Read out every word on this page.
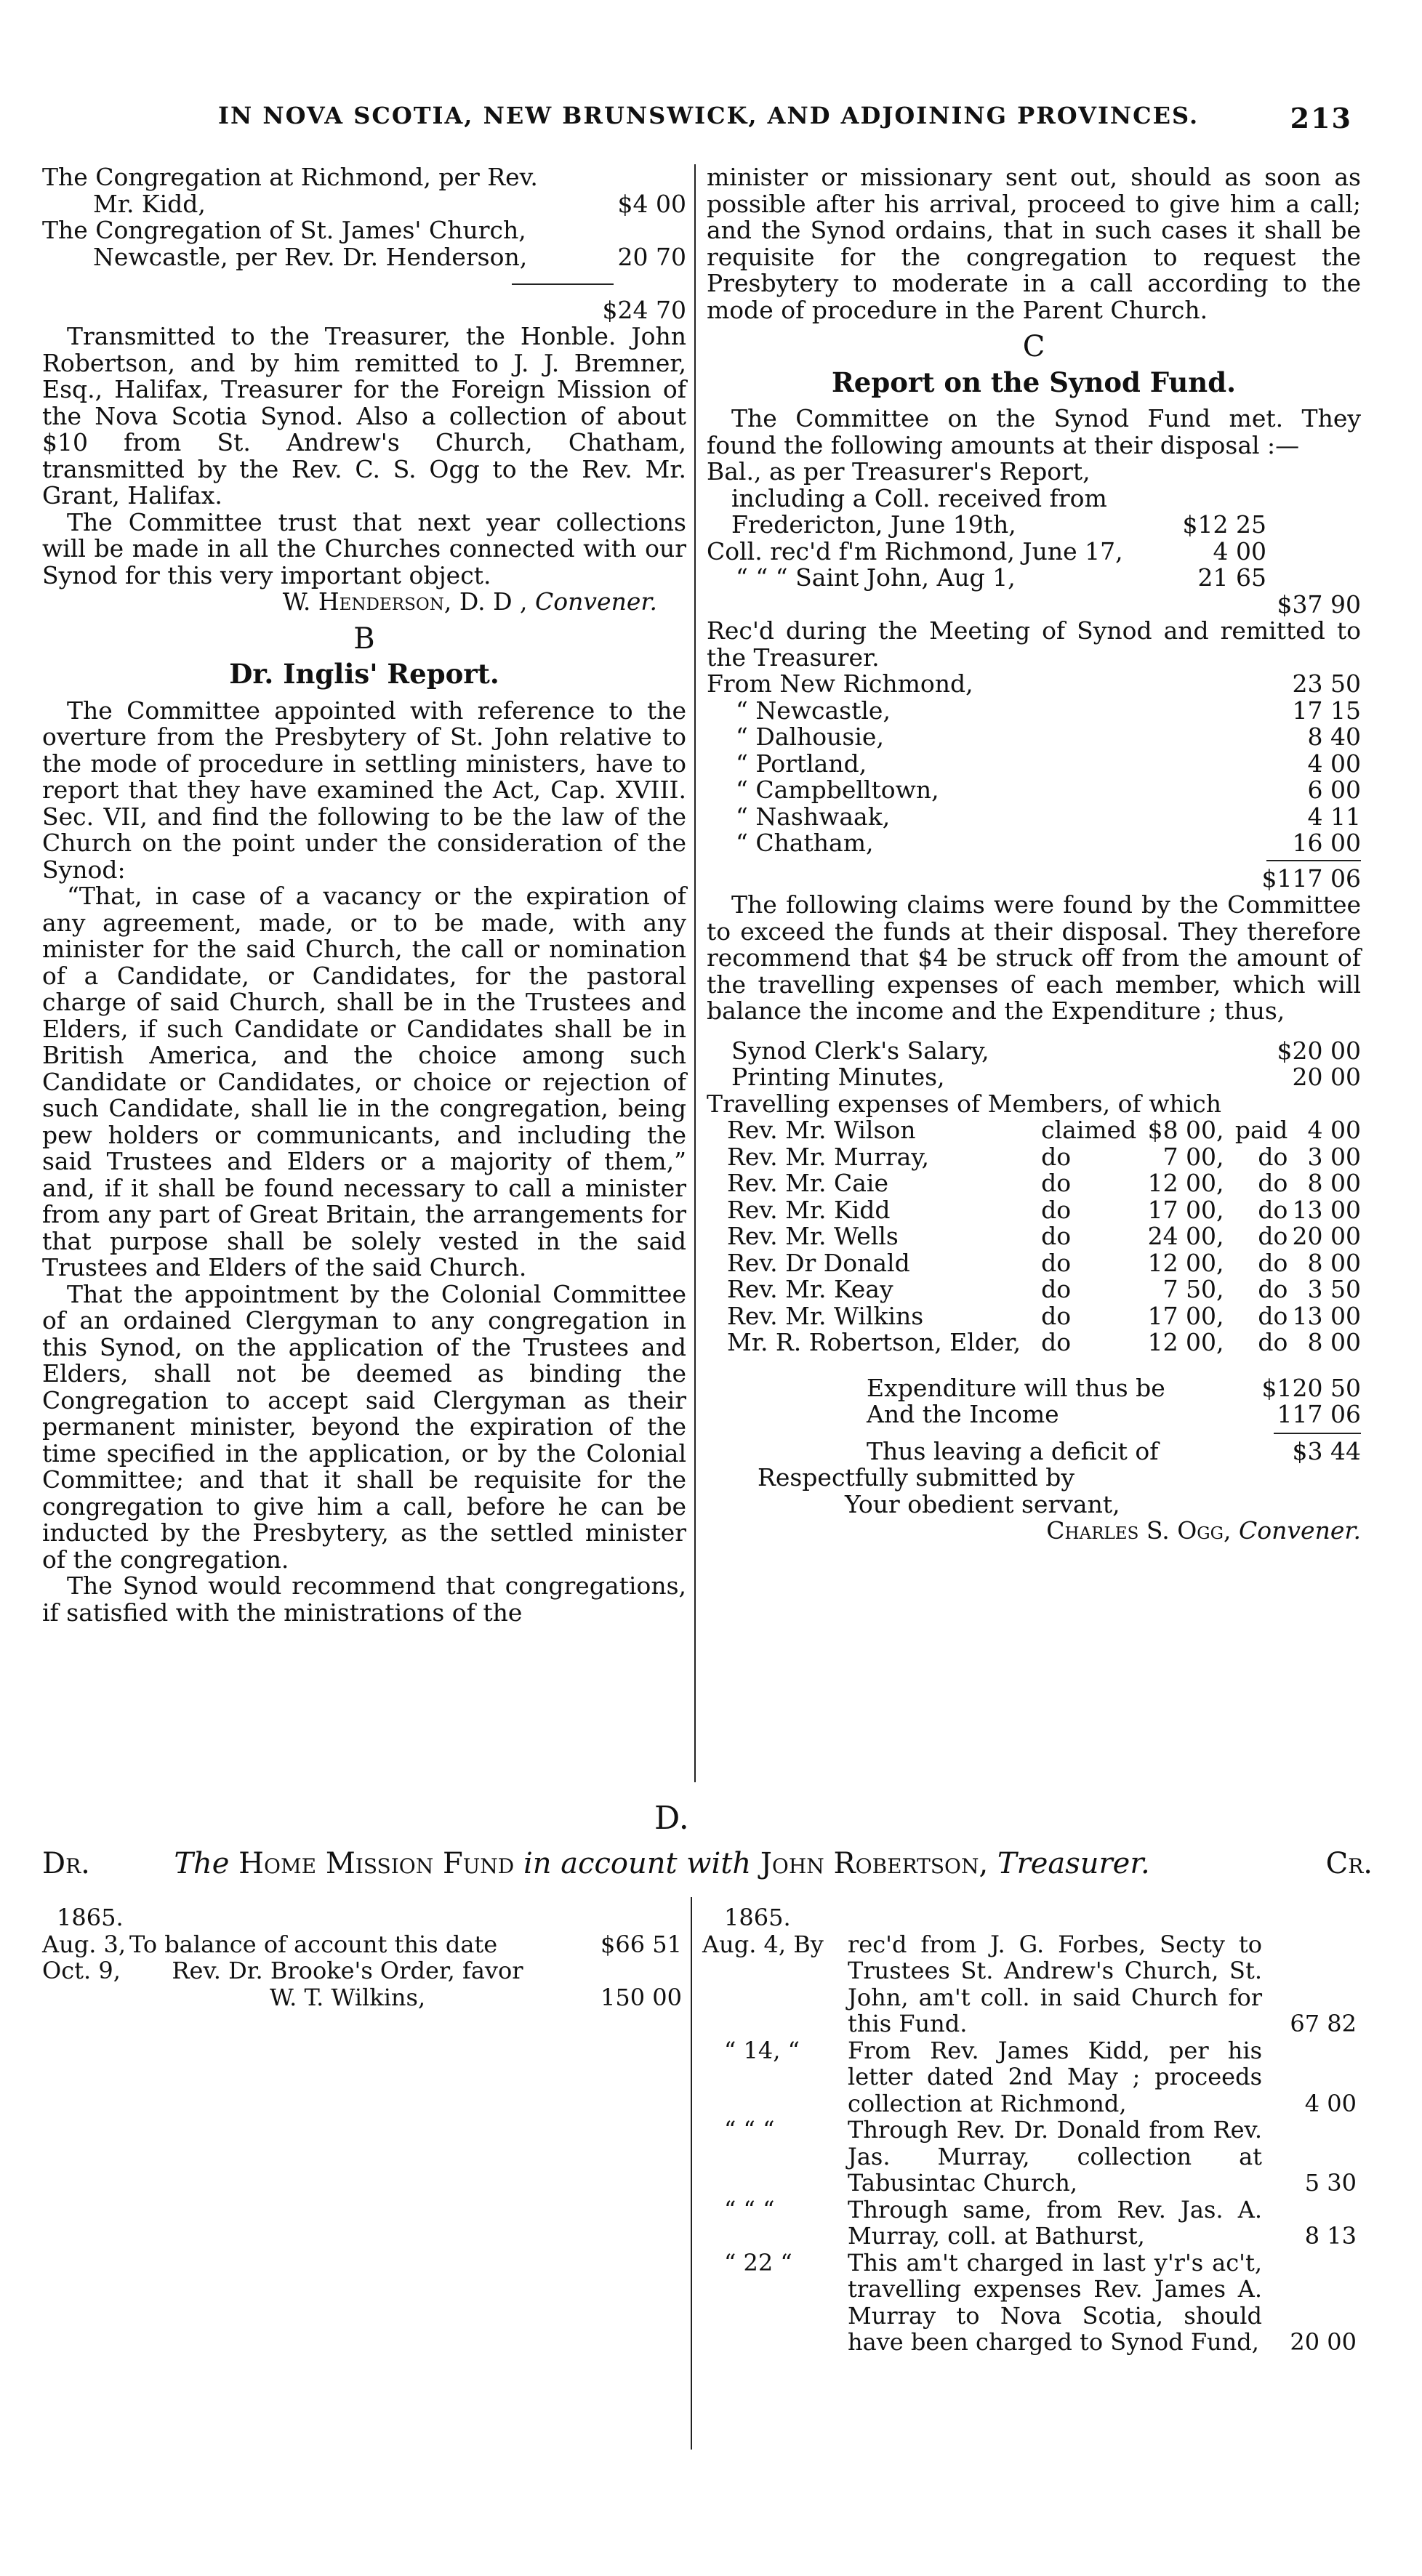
IN NOVA SCOTIA, NEW BRUNSWICK, AND ADJOINING PROVINCES.	213
The Congregation at Richmond, per Rev.
Mr. Kidd,	$4 00
The Congregation of St. James' Church,
Newcastle, per Rev. Dr. Henderson,	20 70
$24 70

Transmitted to the Treasurer, the Honble. John Robertson, and by him remitted to J. J. Bremner, Esq., Halifax, Treasurer for the Foreign Mission of the Nova Scotia Synod. Also a collection of about $10 from St. Andrew's Church, Chatham, transmitted by the Rev. C. S. Ogg to the Rev. Mr. Grant, Halifax.

The Committee trust that next year collections will be made in all the Churches connected with our Synod for this very important object.

W. Henderson, D. D , Convener.
B
Dr. Inglis' Report.

The Committee appointed with reference to the overture from the Presbytery of St. John relative to the mode of procedure in settling ministers, have to report that they have examined the Act, Cap. XVIII. Sec. VII, and find the following to be the law of the Church on the point under the consideration of the Synod:

“That, in case of a vacancy or the expiration of any agreement, made, or to be made, with any minister for the said Church, the call or nomination of a Candidate, or Candidates, for the pastoral charge of said Church, shall be in the Trustees and Elders, if such Candidate or Candidates shall be in British America, and the choice among such Candidate or Candidates, or choice or rejection of such Candidate, shall lie in the congregation, being pew holders or communicants, and including the said Trustees and Elders or a majority of them,” and, if it shall be found necessary to call a minister from any part of Great Britain, the arrangements for that purpose shall be solely vested in the said Trustees and Elders of the said Church.

That the appointment by the Colonial Committee of an ordained Clergyman to any congregation in this Synod, on the application of the Trustees and Elders, shall not be deemed as binding the Congregation to accept said Clergyman as their permanent minister, beyond the expiration of the time specified in the application, or by the Colonial Committee; and that it shall be requisite for the congregation to give him a call, before he can be inducted by the Presbytery, as the settled minister of the congregation.

The Synod would recommend that congregations, if satisfied with the ministrations of the

minister or missionary sent out, should as soon as possible after his arrival, proceed to give him a call; and the Synod ordains, that in such cases it shall be requisite for the congregation to request the Presbytery to moderate in a call according to the mode of procedure in the Parent Church.

C
Report on the Synod Fund.

The Committee on the Synod Fund met. They found the following amounts at their disposal :—

Bal., as per Treasurer's Report,
including a Coll. received from
Fredericton, June 19th,	$12 25
Coll. rec'd f'm Richmond, June 17,	4 00
“ “ “ Saint John, Aug 1,	21 65
$37 90

Rec'd during the Meeting of Synod and remitted to the Treasurer.

From New Richmond,	23 50
“ Newcastle,	17 15
“ Dalhousie,	8 40
“ Portland,	4 00
“ Campbelltown,	6 00
“ Nashwaak,	4 11
“ Chatham,	16 00
$117 06

The following claims were found by the Committee to exceed the funds at their disposal. They therefore recommend that $4 be struck off from the amount of the travelling expenses of each member, which will balance the income and the Expenditure ; thus,

Synod Clerk's Salary,	$20 00
Printing Minutes,	20 00
Travelling expenses of Members, of which
Rev. Mr. Wilson	claimed	$8 00,	paid	4 00
Rev. Mr. Murray,	do	7 00,	do	3 00
Rev. Mr. Caie	do	12 00,	do	8 00
Rev. Mr. Kidd	do	17 00,	do	13 00
Rev. Mr. Wells	do	24 00,	do	20 00
Rev. Dr Donald	do	12 00,	do	8 00
Rev. Mr. Keay	do	7 50,	do	3 50
Rev. Mr. Wilkins	do	17 00,	do	13 00
Mr. R. Robertson, Elder,	do	12 00,	do	8 00
Expenditure will thus be	$120 50
And the Income	117 06
Thus leaving a deficit of	$3 44
Respectfully submitted by
Your obedient servant,
Charles S. Ogg, Convener.
D.
Dr.	The Home Mission Fund in account with John Robertson, Treasurer.	Cr.
1865.
Aug. 3, To balance of account this date	$66 51
Oct. 9,	Rev. Dr. Brooke's Order, favor W. T. Wilkins,	150 00
1865.
Aug. 4, By	rec'd from J. G. Forbes, Secty to Trustees St. Andrew's Church, St. John, am't coll. in said Church for this Fund.	67 82
“ 14, “	From Rev. James Kidd, per his letter dated 2nd May ; proceeds collection at Richmond,	4 00
“ “ “	Through Rev. Dr. Donald from Rev. Jas. Murray, collection at Tabusintac Church,	5 30
“ “ “	Through same, from Rev. Jas. A. Murray, coll. at Bathurst,	8 13
“ 22 “	This am't charged in last y'r's ac't, travelling expenses Rev. James A. Murray to Nova Scotia, should have been charged to Synod Fund,	20 00
